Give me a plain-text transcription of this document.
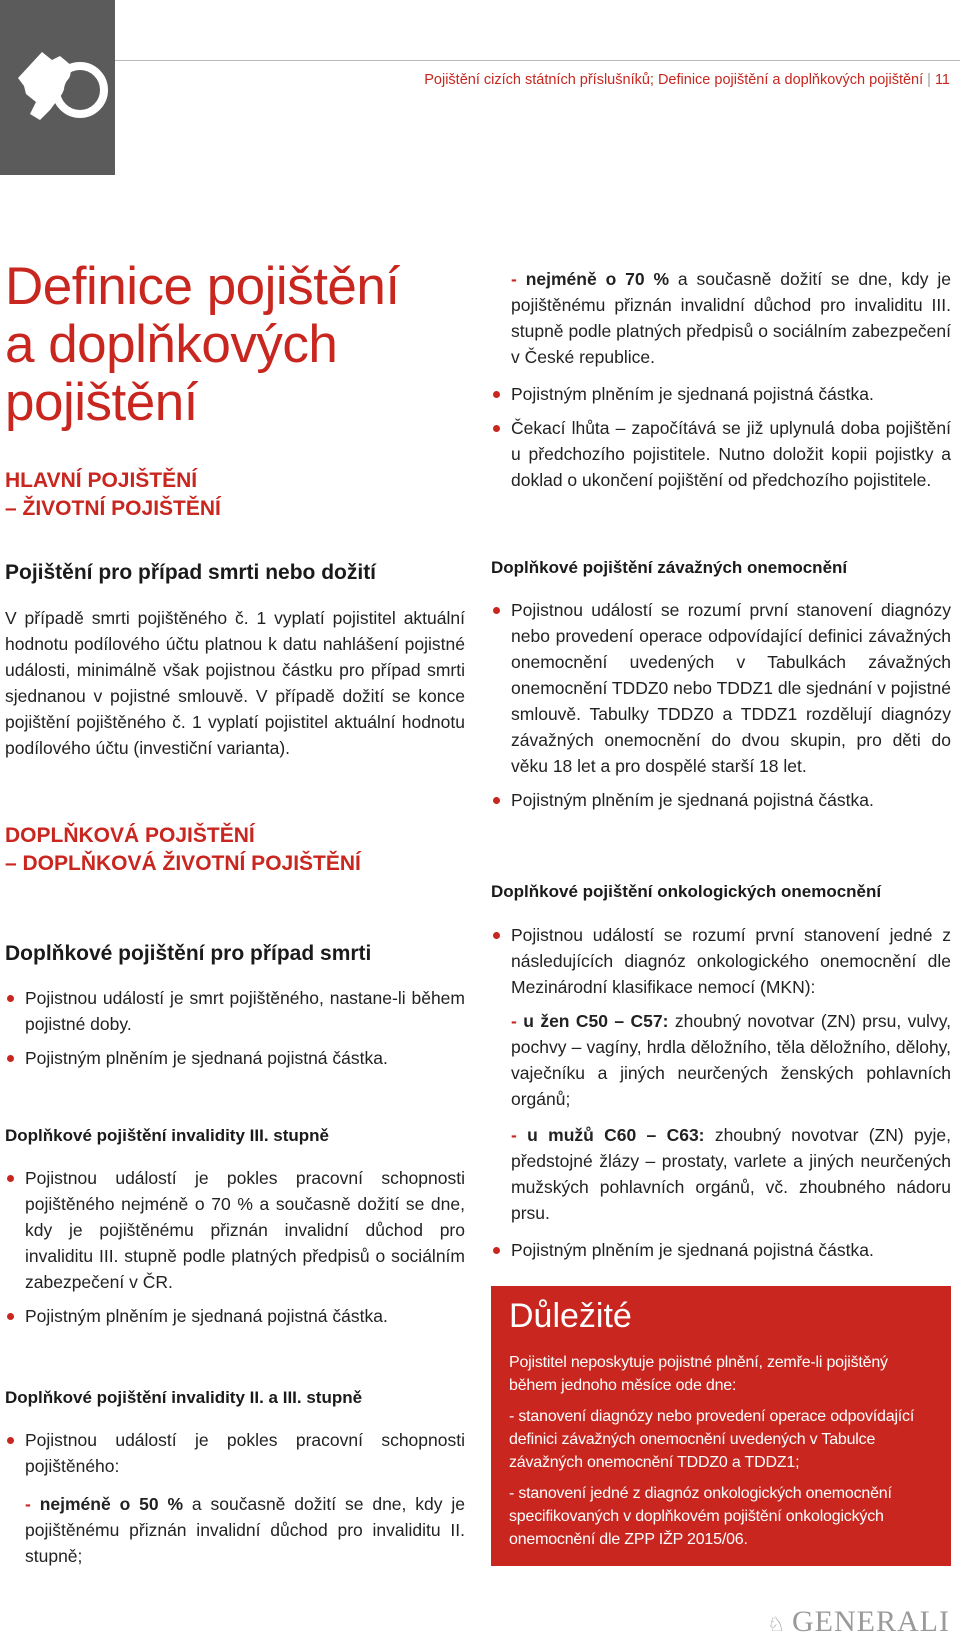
Pojištění cizích státních příslušníků; Definice pojištění a doplňkových pojištění | 11
Definice pojištění
a doplňkových
pojištění
HLAVNÍ POJIŠTĚNÍ
– ŽIVOTNÍ POJIŠTĚNÍ
Pojištění pro případ smrti nebo dožití

V případě smrti pojištěného č. 1 vyplatí pojistitel aktuální hodnotu podílového účtu platnou k datu nahlášení pojistné události, minimálně však pojistnou částku pro případ smrti sjednanou v pojistné smlouvě. V případě dožití se konce pojištění pojištěného č. 1 vyplatí pojistitel aktuální hodnotu podílového účtu (investiční varianta).

DOPLŇKOVÁ POJIŠTĚNÍ
– DOPLŇKOVÁ ŽIVOTNÍ POJIŠTĚNÍ
Doplňkové pojištění pro případ smrti
Pojistnou událostí je smrt pojištěného, nastane-li během pojistné doby.
Pojistným plněním je sjednaná pojistná částka.
Doplňkové pojištění invalidity III. stupně
Pojistnou událostí je pokles pracovní schopnosti pojištěného nejméně o 70 % a současně dožití se dne, kdy je pojištěnému přiznán invalidní důchod pro invaliditu III. stupně podle platných předpisů o sociálním zabezpečení v ČR.
Pojistným plněním je sjednaná pojistná částka.
Doplňkové pojištění invalidity II. a III. stupně
Pojistnou událostí je pokles pracovní schopnosti pojištěného:

- nejméně o 50 % a současně dožití se dne, kdy je pojištěnému přiznán invalidní důchod pro invaliditu II. stupně;

- nejméně o 70 % a současně dožití se dne, kdy je pojištěnému přiznán invalidní důchod pro invaliditu III. stupně podle platných předpisů o sociálním zabezpečení v České republice.

Pojistným plněním je sjednaná pojistná částka.
Čekací lhůta – započítává se již uplynulá doba pojištění u předchozího pojistitele. Nutno doložit kopii pojistky a doklad o ukončení pojištění od předchozího pojistitele.
Doplňkové pojištění závažných onemocnění
Pojistnou událostí se rozumí první stanovení diagnózy nebo provedení operace odpovídající definici závažných onemocnění uvedených v Tabulkách závažných onemocnění TDDZ0 nebo TDDZ1 dle sjednání v pojistné smlouvě. Tabulky TDDZ0 a TDDZ1 rozdělují diagnózy závažných onemocnění do dvou skupin, pro děti do věku 18 let a pro dospělé starší 18 let.
Pojistným plněním je sjednaná pojistná částka.
Doplňkové pojištění onkologických onemocnění
Pojistnou událostí se rozumí první stanovení jedné z následujících diagnóz onkologického onemocnění dle Mezinárodní klasifikace nemocí (MKN):

- u žen C50 – C57: zhoubný novotvar (ZN) prsu, vulvy, pochvy – vagíny, hrdla děložního, těla děložního, dělohy, vaječníku a jiných neurčených ženských pohlavních orgánů;

- u mužů C60 – C63: zhoubný novotvar (ZN) pyje, předstojné žlázy – prostaty, varlete a jiných neurčených mužských pohlavních orgánů, vč. zhoubného nádoru prsu.

Pojistným plněním je sjednaná pojistná částka.
Důležité

Pojistitel neposkytuje pojistné plnění, zemře-li pojištěný během jednoho měsíce ode dne:

- stanovení diagnózy nebo provedení operace odpovídající definici závažných onemocnění uvedených v Tabulce závažných onemocnění TDDZ0 a TDDZ1;

- stanovení jedné z diagnóz onkologických onemocnění specifikovaných v doplňkovém pojištění onkologických onemocnění dle ZPP IŽP 2015/06.

♘ GENERALI
